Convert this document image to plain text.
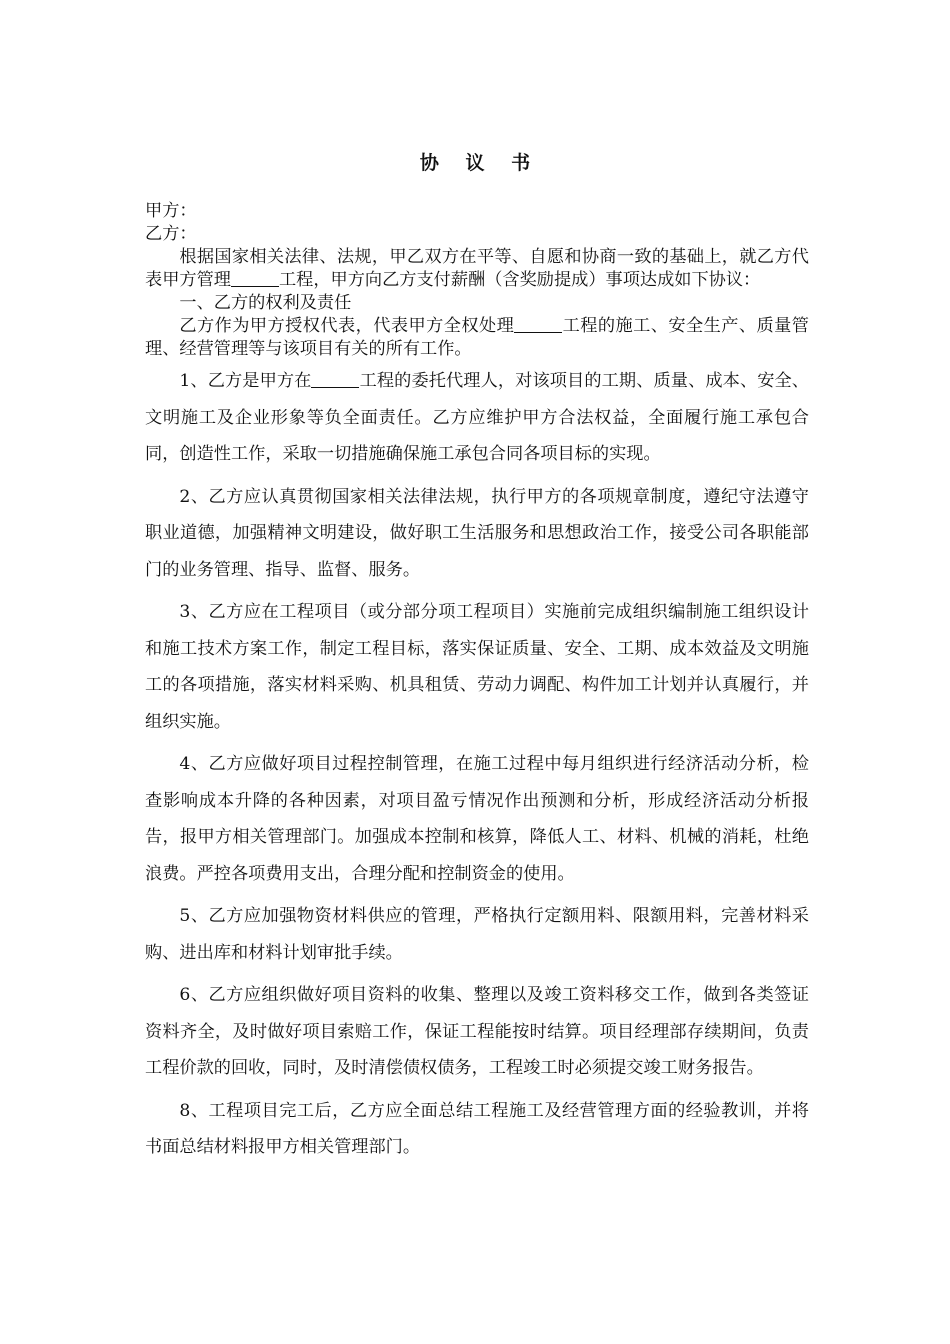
协 议 书

甲方：

乙方：

根据国家相关法律、法规，甲乙双方在平等、自愿和协商一致的基础上，就乙方代表甲方管理	工程，甲方向乙方支付薪酬（含奖励提成）事项达成如下协议：

一、乙方的权利及责任

乙方作为甲方授权代表，代表甲方全权处理	工程的施工、安全生产、质量管理、经营管理等与该项目有关的所有工作。

1、乙方是甲方在	工程的委托代理人，对该项目的工期、质量、成本、安全、文明施工及企业形象等负全面责任。乙方应维护甲方合法权益，全面履行施工承包合同，创造性工作，采取一切措施确保施工承包合同各项目标的实现。

2、乙方应认真贯彻国家相关法律法规，执行甲方的各项规章制度，遵纪守法遵守职业道德，加强精神文明建设，做好职工生活服务和思想政治工作，接受公司各职能部门的业务管理、指导、监督、服务。

3、乙方应在工程项目（或分部分项工程项目）实施前完成组织编制施工组织设计和施工技术方案工作，制定工程目标，落实保证质量、安全、工期、成本效益及文明施工的各项措施，落实材料采购、机具租赁、劳动力调配、构件加工计划并认真履行，并组织实施。

4、乙方应做好项目过程控制管理，在施工过程中每月组织进行经济活动分析，检查影响成本升降的各种因素，对项目盈亏情况作出预测和分析，形成经济活动分析报告，报甲方相关管理部门。加强成本控制和核算，降低人工、材料、机械的消耗，杜绝浪费。严控各项费用支出，合理分配和控制资金的使用。

5、乙方应加强物资材料供应的管理，严格执行定额用料、限额用料，完善材料采购、进出库和材料计划审批手续。

6、乙方应组织做好项目资料的收集、整理以及竣工资料移交工作，做到各类签证资料齐全，及时做好项目索赔工作，保证工程能按时结算。项目经理部存续期间，负责工程价款的回收，同时，及时清偿债权债务，工程竣工时必须提交竣工财务报告。

8、工程项目完工后，乙方应全面总结工程施工及经营管理方面的经验教训，并将书面总结材料报甲方相关管理部门。
